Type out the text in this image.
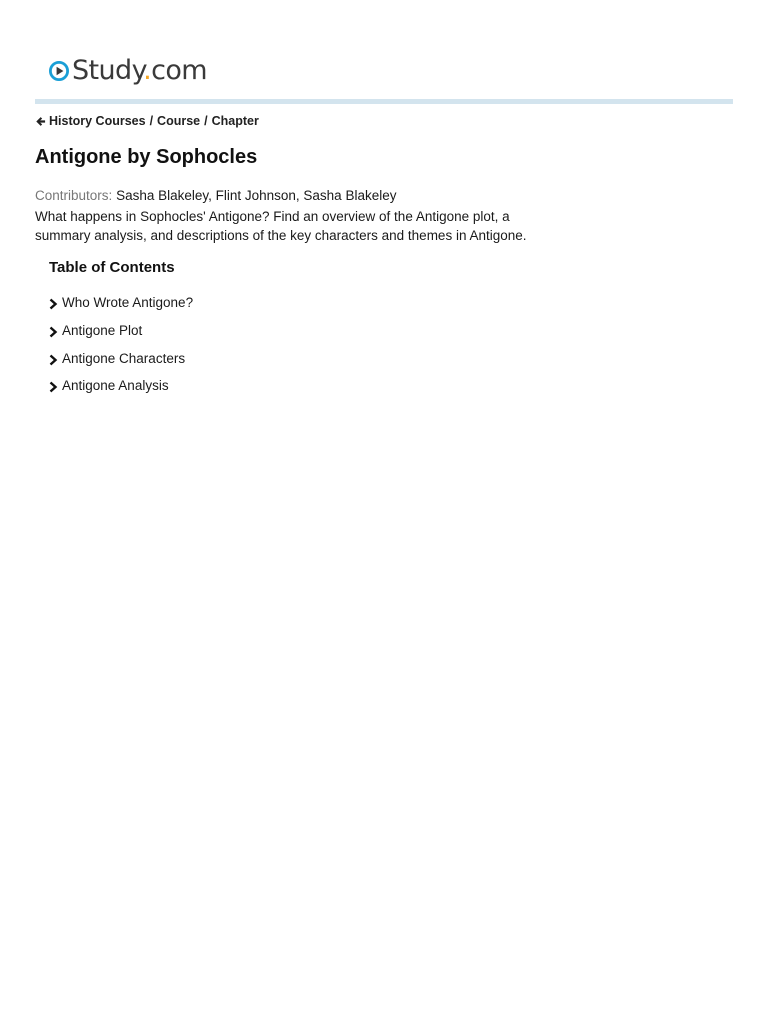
Study.com
History Courses / Course / Chapter
Antigone by Sophocles
Contributors: Sasha Blakeley, Flint Johnson, Sasha Blakeley

What happens in Sophocles' Antigone? Find an overview of the Antigone plot, a summary analysis, and descriptions of the key characters and themes in Antigone.

Table of Contents
Who Wrote Antigone?
Antigone Plot
Antigone Characters
Antigone Analysis
